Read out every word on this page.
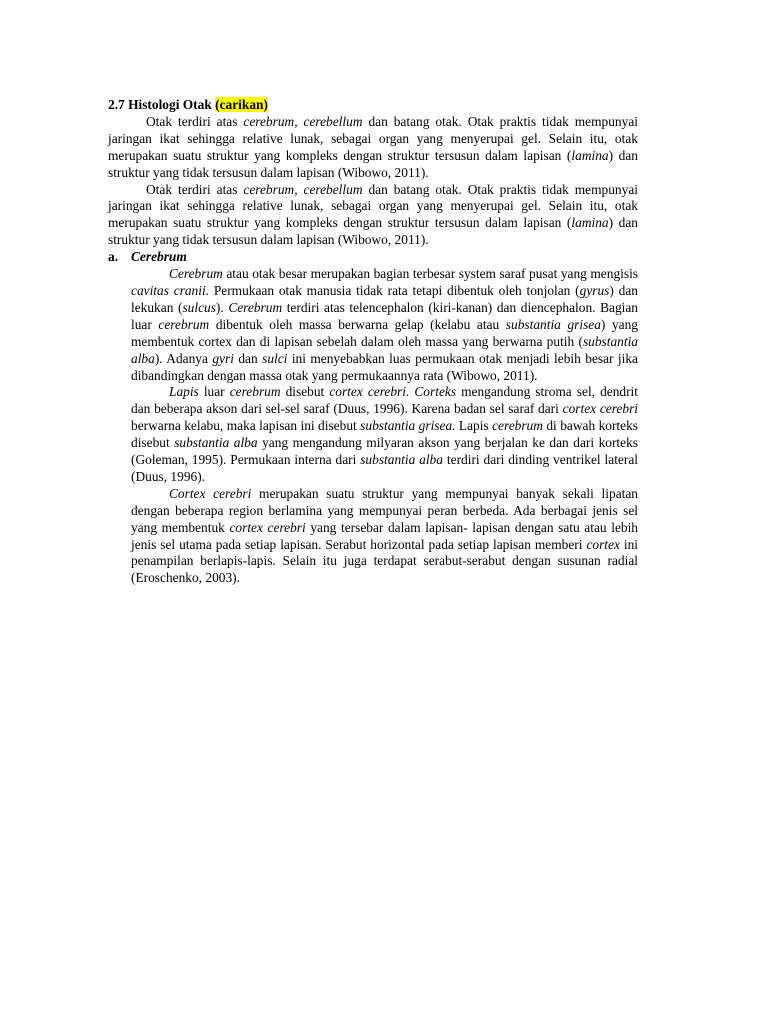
2.7 Histologi Otak (carikan)

Otak terdiri atas cerebrum, cerebellum dan batang otak. Otak praktis tidak mempunyai jaringan ikat sehingga relative lunak, sebagai organ yang menyerupai gel. Selain itu, otak merupakan suatu struktur yang kompleks dengan struktur tersusun dalam lapisan (lamina) dan struktur yang tidak tersusun dalam lapisan (Wibowo, 2011).

Otak terdiri atas cerebrum, cerebellum dan batang otak. Otak praktis tidak mempunyai jaringan ikat sehingga relative lunak, sebagai organ yang menyerupai gel. Selain itu, otak merupakan suatu struktur yang kompleks dengan struktur tersusun dalam lapisan (lamina) dan struktur yang tidak tersusun dalam lapisan (Wibowo, 2011).

a. Cerebrum

Cerebrum atau otak besar merupakan bagian terbesar system saraf pusat yang mengisis cavitas cranii. Permukaan otak manusia tidak rata tetapi dibentuk oleh tonjolan (gyrus) dan lekukan (sulcus). Cerebrum terdiri atas telencephalon (kiri-kanan) dan diencephalon. Bagian luar cerebrum dibentuk oleh massa berwarna gelap (kelabu atau substantia grisea) yang membentuk cortex dan di lapisan sebelah dalam oleh massa yang berwarna putih (substantia alba). Adanya gyri dan sulci ini menyebabkan luas permukaan otak menjadi lebih besar jika dibandingkan dengan massa otak yang permukaannya rata (Wibowo, 2011).

Lapis luar cerebrum disebut cortex cerebri. Corteks mengandung stroma sel, dendrit dan beberapa akson dari sel-sel saraf (Duus, 1996). Karena badan sel saraf dari cortex cerebri berwarna kelabu, maka lapisan ini disebut substantia grisea. Lapis cerebrum di bawah korteks disebut substantia alba yang mengandung milyaran akson yang berjalan ke dan dari korteks (Goleman, 1995). Permukaan interna dari substantia alba terdiri dari dinding ventrikel lateral (Duus, 1996).

Cortex cerebri merupakan suatu struktur yang mempunyai banyak sekali lipatan dengan beberapa region berlamina yang mempunyai peran berbeda. Ada berbagai jenis sel yang membentuk cortex cerebri yang tersebar dalam lapisan- lapisan dengan satu atau lebih jenis sel utama pada setiap lapisan. Serabut horizontal pada setiap lapisan memberi cortex ini penampilan berlapis-lapis. Selain itu juga terdapat serabut-serabut dengan susunan radial (Eroschenko, 2003).
